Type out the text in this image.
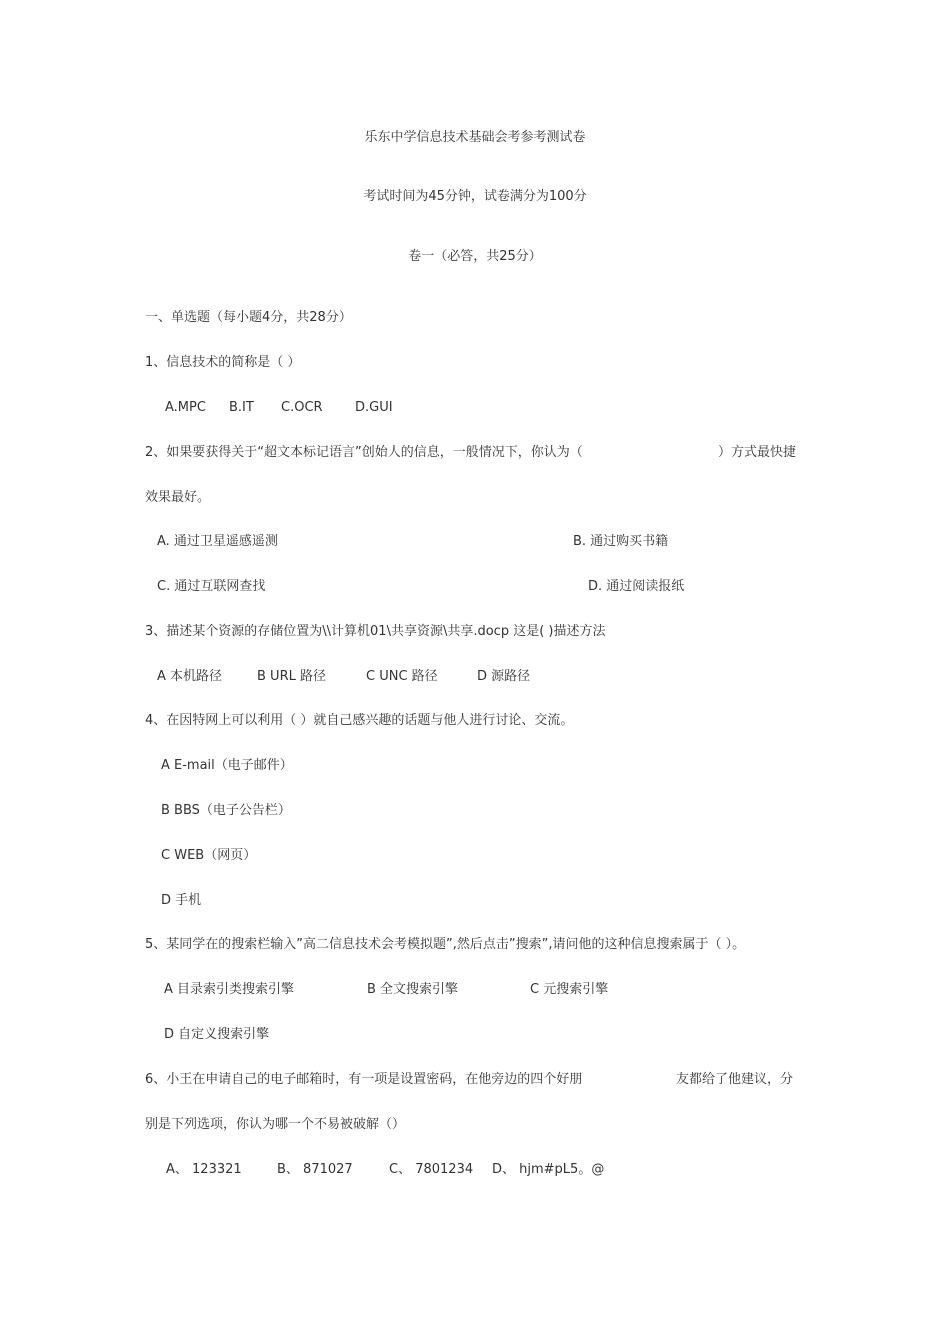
乐东中学信息技术基础会考参考测试卷
考试时间为45分钟，试卷满分为100分
卷一（必答，共25分）
一、单选题（每小题4分，共28分）
1、信息技术的简称是（ ）
A.MPC B.IT C.OCR D.GUI
2、如果要获得关于“超文本标记语言”创始人的信息，一般情况下，你认为（	）方式最快捷
效果最好。
A. 通过卫星遥感遥测	B. 通过购买书籍
C. 通过互联网查找	D. 通过阅读报纸
3、描述某个资源的存储位置为\\计算机01\共享资源\共享.docp 这是( )描述方法
A 本机路径	B URL 路径	C UNC 路径	D 源路径
4、在因特网上可以利用（ ）就自己感兴趣的话题与他人进行讨论、交流。
A E-mail（电子邮件）
B BBS（电子公告栏）
C WEB（网页）
D 手机
5、某同学在的搜索栏输入”高二信息技术会考模拟题”,然后点击”搜索”,请问他的这种信息搜索属于（ ）。
A 目录索引类搜索引擎	B 全文搜索引擎	C 元搜索引擎
D 自定义搜索引擎
6、小王在申请自己的电子邮箱时，有一项是设置密码，在他旁边的四个好朋	友都给了他建议，分
别是下列选项，你认为哪一个不易被破解（）
A、 123321	B、 871027	C、 7801234 D、 hjm#pL5。@
